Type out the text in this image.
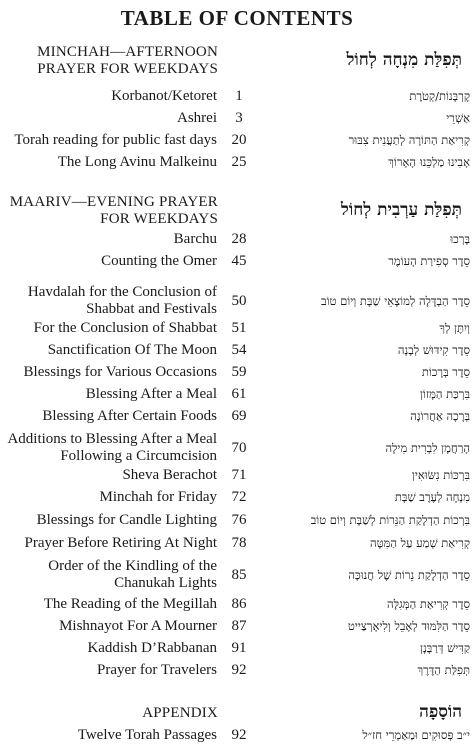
TABLE OF CONTENTS
MINCHAH—AFTERNOON
PRAYER FOR WEEKDAYS	תְּפִלַּת מִנְחָה לְחוֹל
Korbanot/Ketoret	1	קָרְבָּנוֹת/קְטֹרֶת
Ashrei	3	אַשְׁרֵי
Torah reading for public fast days 20	קְרִיאַת הַתּוֹרָה לְתַעֲנִית צִבּוּר
The Long Avinu Malkeinu 25	אָבִינוּ מַלְכֵּנוּ הָאָרוֹךְ
MAARIV—EVENING PRAYER
FOR WEEKDAYS	תְּפִלַּת עַרְבִית לְחוֹל
Barchu 28	בָּרְכוּ
Counting the Omer 45	סֵדֶר סְפִירַת הָעוֹמֶר
Havdalah for the Conclusion of
Shabbat and Festivals 50	סֵדֶר הַבְדָּלָה לְמוֹצָאֵי שַׁבָּת וְיוֹם טוֹב
For the Conclusion of Shabbat 51	וְיִתֶּן לְךָ
Sanctification Of The Moon 54	סֵדֶר קִידּוּשׁ לְבָנָה
Blessings for Various Occasions 59	סֵדֶר בְּרָכוֹת
Blessing After a Meal 61	בִּרְכַּת הַמָּזוֹן
Blessing After Certain Foods 69	בְּרָכָה אַחֲרוֹנָה
Additions to Blessing After a Meal
Following a Circumcision 70	הָרַחֲמָן לִבְרִית מִילָה
Sheva Berachot 71	בִּרְכּוֹת נִשּׂוּאִין
Minchah for Friday 72	מִנְחָה לְעֶרֶב שַׁבָּת
Blessings for Candle Lighting 76	בִּרְכוֹת הַדְלָקַת הַנֵּרוֹת לְשַׁבָּת וְיוֹם טוֹב
Prayer Before Retiring At Night 78	קְרִיאַת שְׁמַע עַל הַמִּטָּה
Order of the Kindling of the
Chanukah Lights 85	סֵדֶר הַדְלָקַת נֵרוֹת שֶׁל חֲנוּכָּה
The Reading of the Megillah 86	סֵדֶר קְרִיאַת הַמְּגִלָּה
Mishnayot For A Mourner 87	סֵדֶר הַלִּמּוּד לְאָבֵל וְלִיאָרְצַייט
Kaddish D’Rabbanan 91	קַדִּישׁ דְּרַבָּנָן
Prayer for Travelers 92	תְּפִלַּת הַדֶּרֶךְ
APPENDIX	הוֹסָפָה
Twelve Torah Passages 92	י״ב פְּסוּקִים וּמַאַמְרֵי חז״ל
